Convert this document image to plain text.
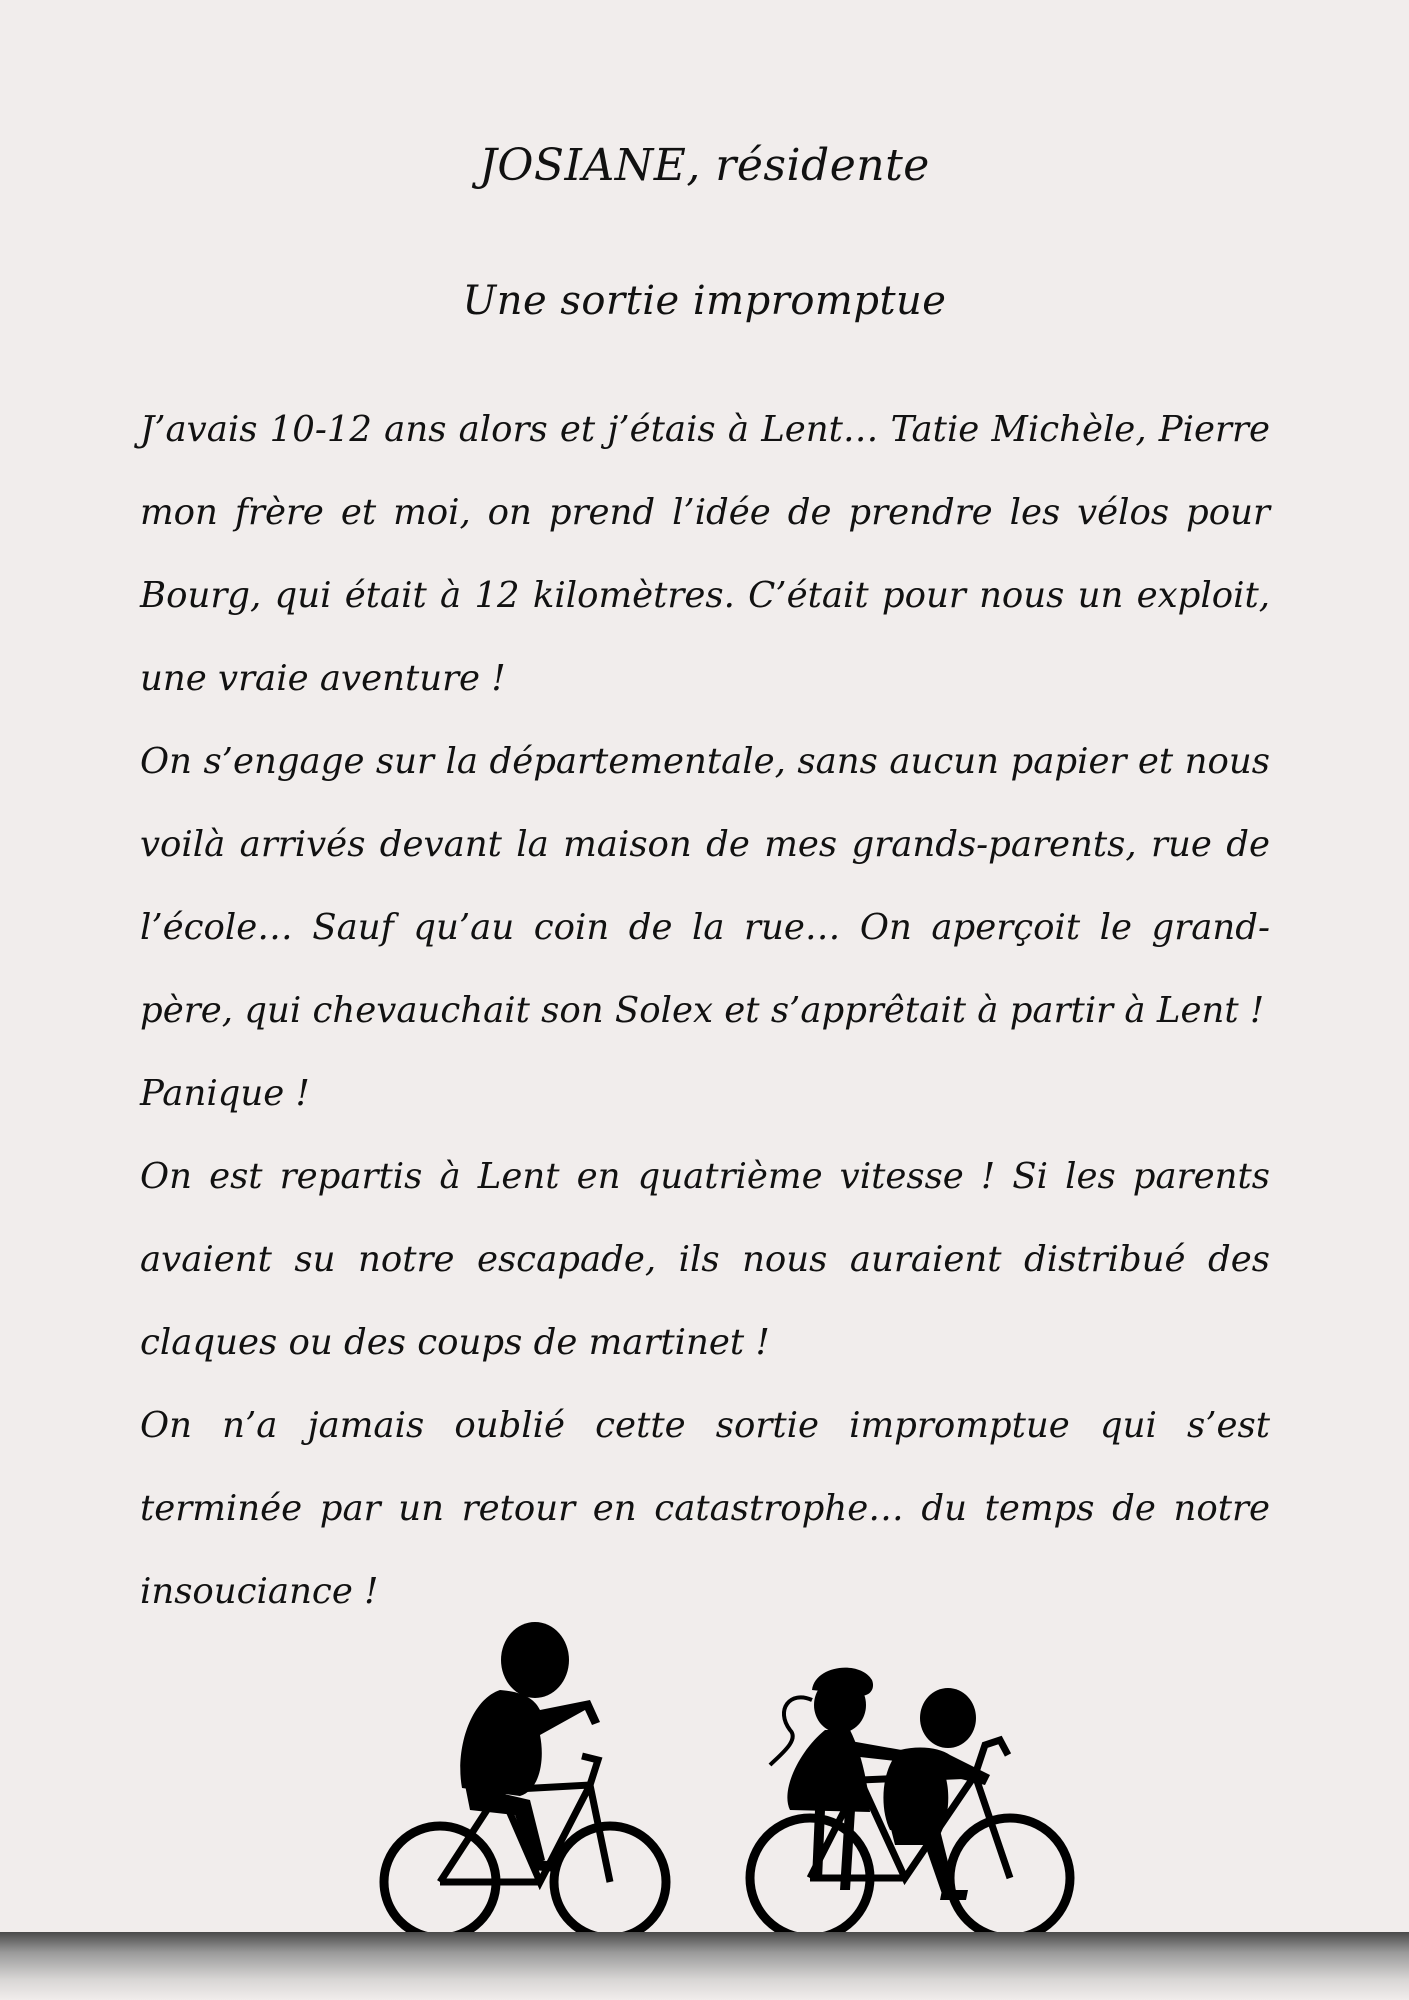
JOSIANE, résidente
Une sortie impromptue

J’avais 10-12 ans alors et j’étais à Lent… Tatie Michèle, Pierre mon frère et moi, on prend l’idée de prendre les vélos pour Bourg, qui était à 12 kilomètres. C’était pour nous un exploit, une vraie aventure !

On s’engage sur la départementale, sans aucun papier et nous voilà arrivés devant la maison de mes grands-parents, rue de l’école… Sauf qu’au coin de la rue… On aperçoit le grand-père, qui chevauchait son Solex et s’apprêtait à partir à Lent !

Panique !

On est repartis à Lent en quatrième vitesse ! Si les parents avaient su notre escapade, ils nous auraient distribué des claques ou des coups de martinet !

On n’a jamais oublié cette sortie impromptue qui s’est terminée par un retour en catastrophe… du temps de notre insouciance !
